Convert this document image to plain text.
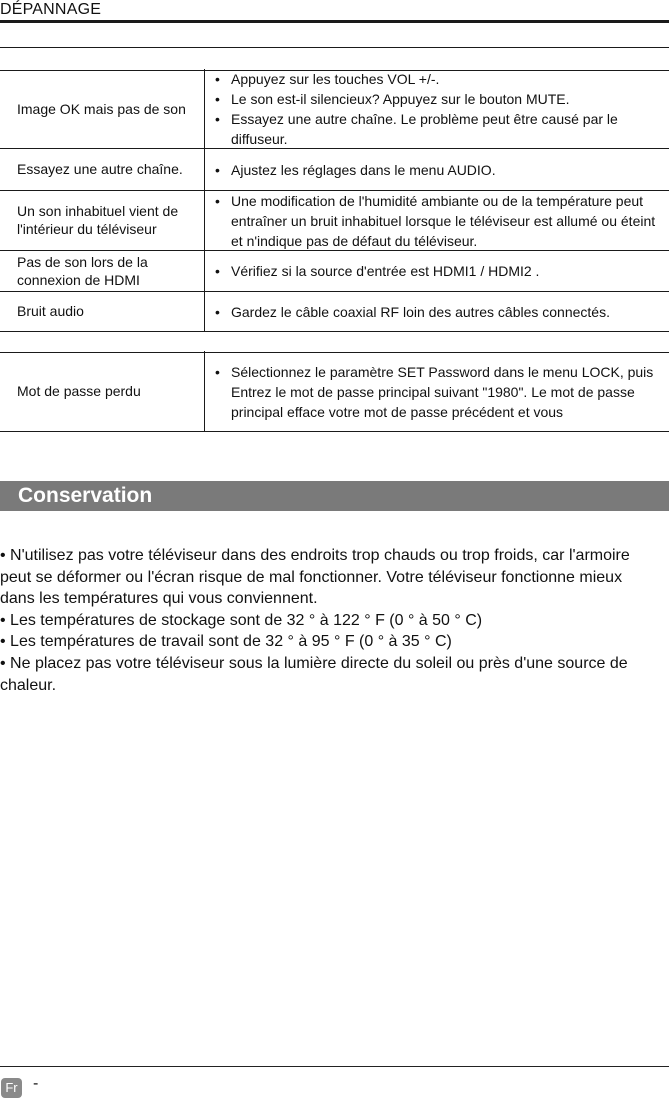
DÉPANNAGE
Image OK mais pas de son
• Appuyez sur les touches VOL +/-.
• Le son est-il silencieux? Appuyez sur le bouton MUTE.
• Essayez une autre chaîne. Le problème peut être causé par le diffuseur.
Essayez une autre chaîne.	• Ajustez les réglages dans le menu AUDIO.
Un son inhabituel vient de l'intérieur du téléviseur
• Une modification de l'humidité ambiante ou de la température peut entraîner un bruit inhabituel lorsque le téléviseur est allumé ou éteint et n'indique pas de défaut du téléviseur.
Pas de son lors de la connexion de HDMI
• Vérifiez si la source d'entrée est HDMI1 / HDMI2 .
Bruit audio	• Gardez le câble coaxial RF loin des autres câbles connectés.
Mot de passe perdu
• Sélectionnez le paramètre SET Password dans le menu LOCK, puis Entrez le mot de passe principal suivant "1980". Le mot de passe principal efface votre mot de passe précédent et vous
Conservation

• N'utilisez pas votre téléviseur dans des endroits trop chauds ou trop froids, car l'armoire peut se déformer ou l'écran risque de mal fonctionner. Votre téléviseur fonctionne mieux dans les températures qui vous conviennent.

• Les températures de stockage sont de 32 ° à 122 ° F (0 ° à 50 ° C)

• Les températures de travail sont de 32 ° à 95 ° F (0 ° à 35 ° C)

• Ne placez pas votre téléviseur sous la lumière directe du soleil ou près d'une source de chaleur.

Fr -
